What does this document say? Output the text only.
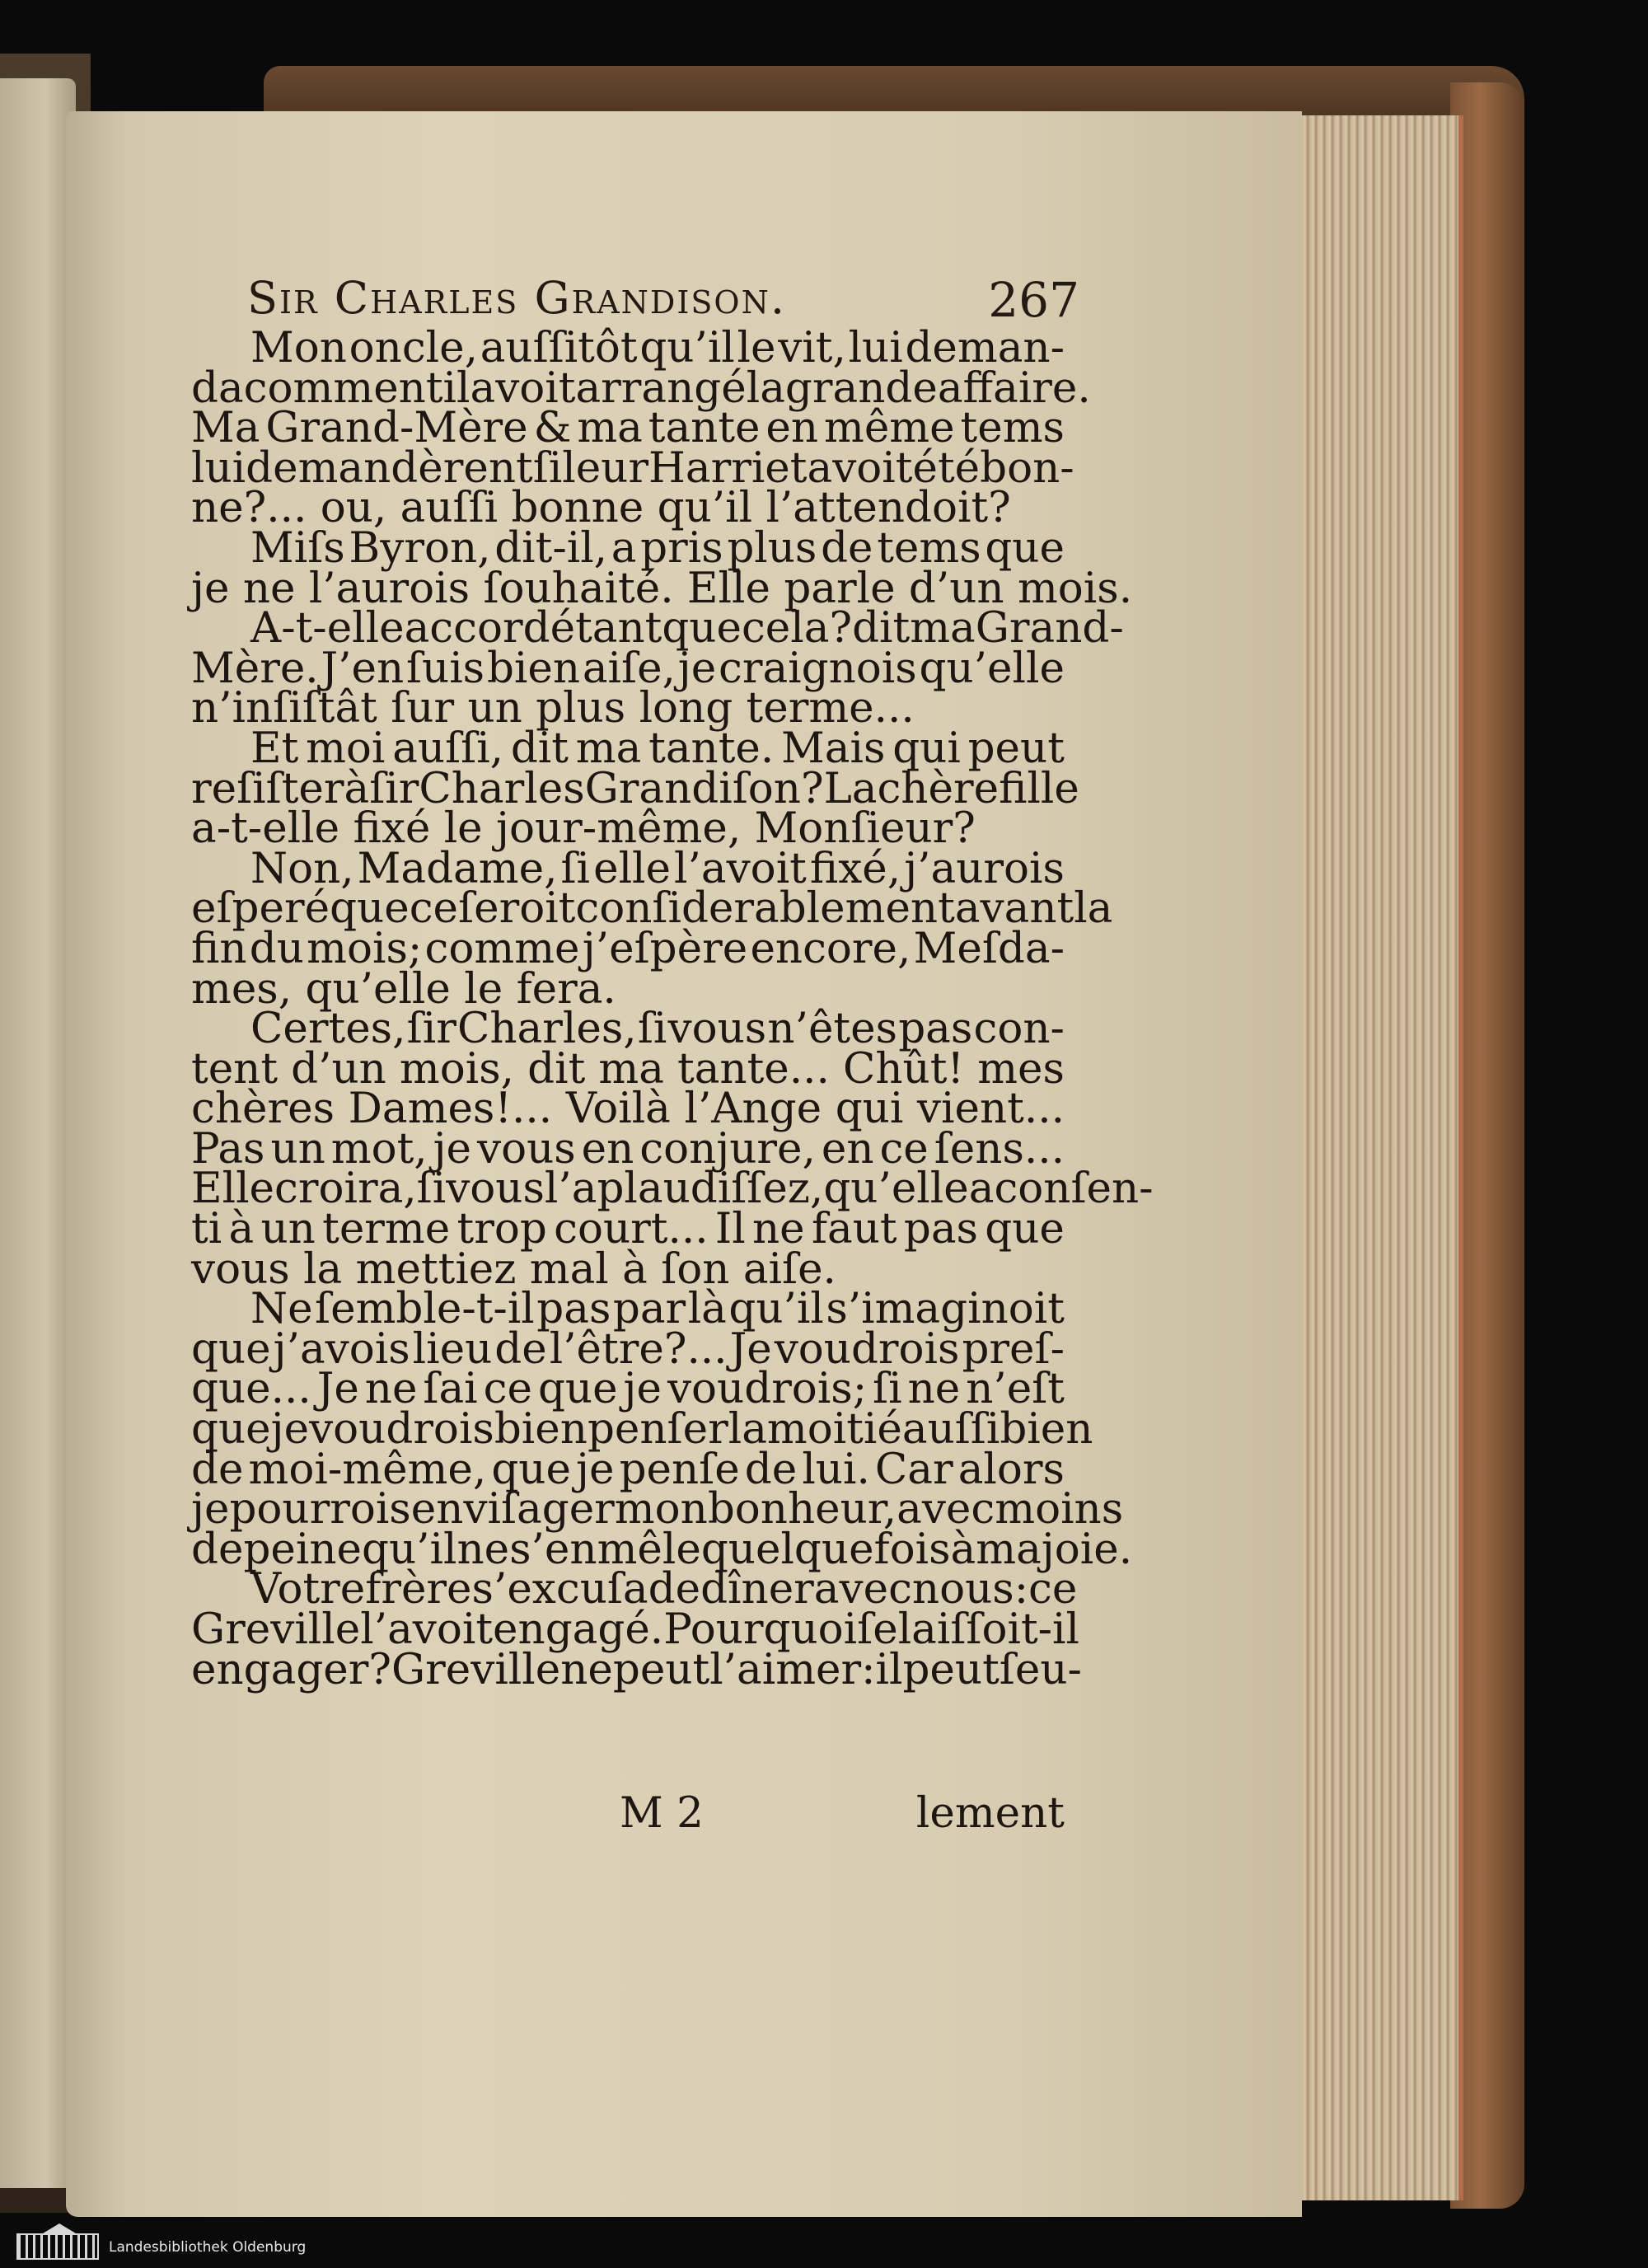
Sir Charles Grandison.	267
Mon oncle, auſſitôt qu’il le vit, lui deman-
da comment il avoit arrangé la grande affaire.
Ma Grand-Mère & ma tante en même tems
lui demandèrent ſi leur Harriet avoit été bon-
ne?... ou, auſſi bonne qu’il l’attendoit?
Miſs Byron, dit-il, a pris plus de tems que
je ne l’aurois ſouhaité. Elle parle d’un mois.
A-t-elle accordé tant que cela? dit ma Grand-
Mère. J’en ſuis bien aiſe, je craignois qu’elle
n’inſiſtât ſur un plus long terme...
Et moi auſſi, dit ma tante. Mais qui peut
reſiſter à ſir Charles Grandiſon? La chère fille
a-t-elle fixé le jour-même, Monſieur?
Non, Madame, ſi elle l’avoit fixé, j’aurois
eſperé que ce ſeroit conſiderablement avant la
fin du mois; comme j’eſpère encore, Meſda-
mes, qu’elle le fera.
Certes, ſir Charles, ſi vous n’êtes pas con-
tent d’un mois, dit ma tante... Chût! mes
chères Dames!... Voilà l’Ange qui vient...
Pas un mot, je vous en conjure, en ce ſens...
Elle croira, ſi vous l’aplaudiſſez, qu’elle a conſen-
ti à un terme trop court... Il ne faut pas que
vous la mettiez mal à ſon aiſe.
Ne ſemble-t-il pas par là qu’il s’imaginoit
que j’avois lieu de l’être?... Je voudrois preſ-
que... Je ne ſai ce que je voudrois; ſi ne n’eſt
que je voudrois bien penſer la moitié auſſi bien
de moi-même, que je penſe de lui. Car alors
je pourrois enviſager mon bonheur, avec moins
de peine qu’il ne s’en mêle quelquefois à ma joie.
Votre frère s’excuſa de dîner avec nous: ce
Greville l’avoit engagé. Pourquoi ſe laiſſoit-il
engager? Greville ne peut l’aimer: il peut ſeu-
M 2	lement
Landesbibliothek Oldenburg
